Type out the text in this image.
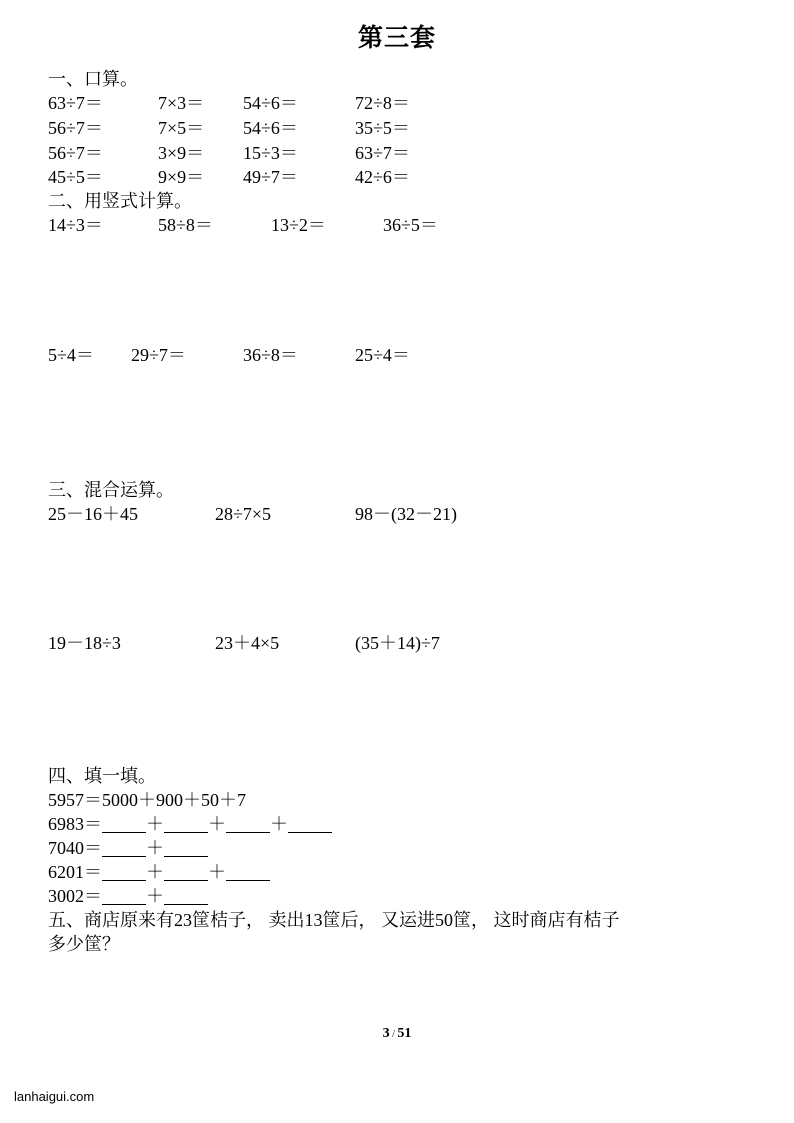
第三套
一、口算。
63÷7＝	7×3＝ 54÷6＝	72÷8＝
56÷7＝	7×5＝ 54÷6＝	35÷5＝
56÷7＝	3×9＝ 15÷3＝	63÷7＝
45÷5＝	9×9＝ 49÷7＝	42÷6＝
二、用竖式计算。
14÷3＝	58÷8＝	13÷2＝	36÷5＝
5÷4＝ 29÷7＝	36÷8＝	25÷4＝
三、混合运算。
25－16＋45	28÷7×5	98－(32－21)
19－18÷3	23＋4×5	(35＋14)÷7
四、填一填。
5957＝5000＋900＋50＋7
6983＝ ＋ ＋ ＋
7040＝ ＋
6201＝ ＋ ＋
3002＝ ＋
五、商店原来有23筐桔子， 卖出13筐后， 又运进50筐， 这时商店有桔子
多少筐？
3 / 51
lanhaigui.com
